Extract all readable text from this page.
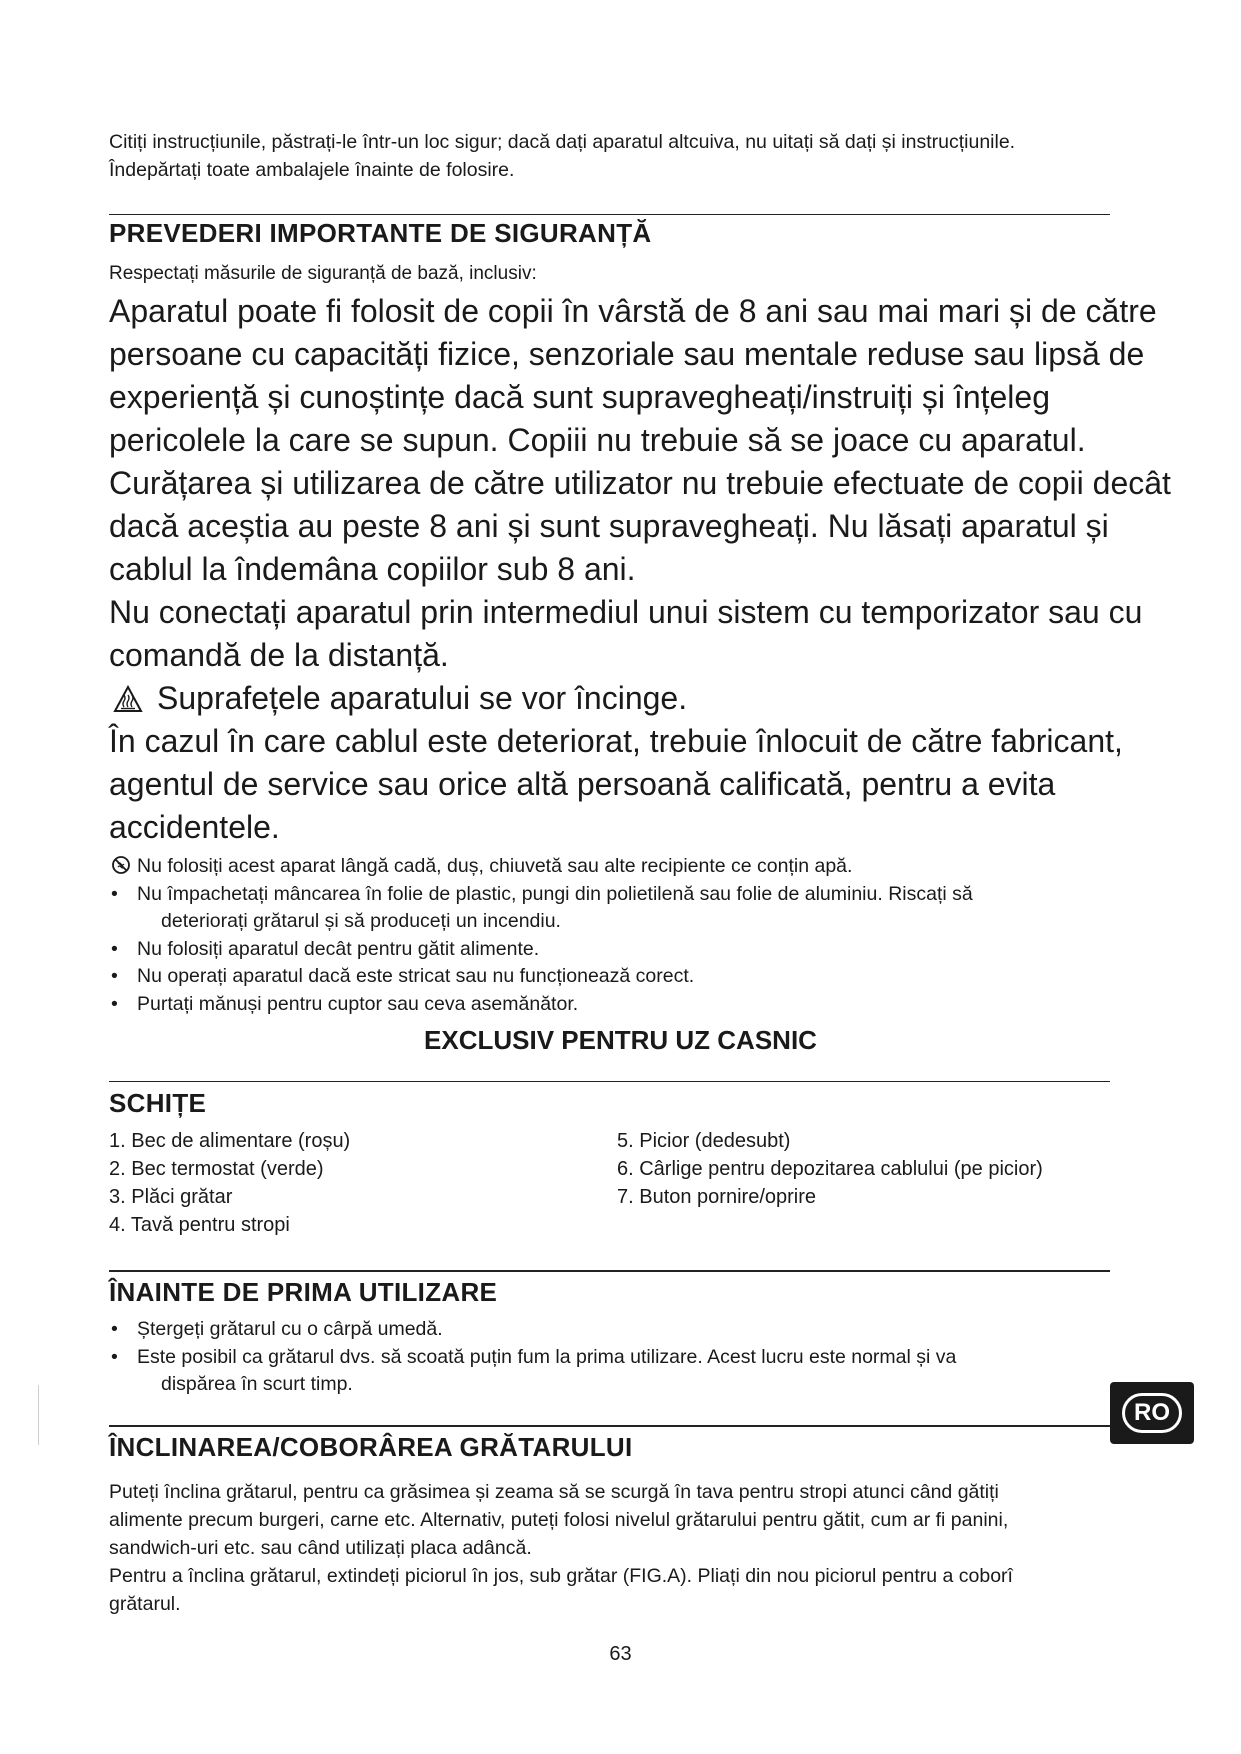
Citiți instrucțiunile, păstrați-le într-un loc sigur; dacă dați aparatul altcuiva, nu uitați să dați și instrucțiunile.

Îndepărtați toate ambalajele înainte de folosire.

PREVEDERI IMPORTANTE DE SIGURANȚĂ
Respectați măsurile de siguranță de bază, inclusiv:

Aparatul poate fi folosit de copii în vârstă de 8 ani sau mai mari și de către

persoane cu capacități fizice, senzoriale sau mentale reduse sau lipsă de

experiență și cunoștințe dacă sunt supravegheați/instruiți și înțeleg

pericolele la care se supun. Copiii nu trebuie să se joace cu aparatul.

Curățarea și utilizarea de către utilizator nu trebuie efectuate de copii decât

dacă aceștia au peste 8 ani și sunt supravegheați. Nu lăsați aparatul și

cablul la îndemâna copiilor sub 8 ani.

Nu conectați aparatul prin intermediul unui sistem cu temporizator sau cu

comandă de la distanță.

Suprafețele aparatului se vor încinge.

În cazul în care cablul este deteriorat, trebuie înlocuit de către fabricant,

agentul de service sau orice altă persoană calificată, pentru a evita

accidentele.

Nu folosiți acest aparat lângă cadă, duș, chiuvetă sau alte recipiente ce conțin apă.
• Nu împachetați mâncarea în folie de plastic, pungi din polietilenă sau folie de aluminiu. Riscați să
deteriorați grătarul și să produceți un incendiu.
• Nu folosiți aparatul decât pentru gătit alimente.
• Nu operați aparatul dacă este stricat sau nu funcționează corect.
• Purtați mănuși pentru cuptor sau ceva asemănător.
EXCLUSIV PENTRU UZ CASNIC
SCHIȚE
1. Bec de alimentare (roșu)
2. Bec termostat (verde)
3. Plăci grătar
4. Tavă pentru stropi
5. Picior (dedesubt)
6. Cârlige pentru depozitarea cablului (pe picior)
7. Buton pornire/oprire
ÎNAINTE DE PRIMA UTILIZARE
• Ștergeți grătarul cu o cârpă umedă.
• Este posibil ca grătarul dvs. să scoată puțin fum la prima utilizare. Acest lucru este normal și va
dispărea în scurt timp.
ÎNCLINAREA/COBORÂREA GRĂTARULUI

Puteți înclina grătarul, pentru ca grăsimea și zeama să se scurgă în tava pentru stropi atunci când gătiți

alimente precum burgeri, carne etc. Alternativ, puteți folosi nivelul grătarului pentru gătit, cum ar fi panini,

sandwich-uri etc. sau când utilizați placa adâncă.

Pentru a înclina grătarul, extindeți piciorul în jos, sub grătar (FIG.A). Pliați din nou piciorul pentru a coborî

grătarul.

RO
63
